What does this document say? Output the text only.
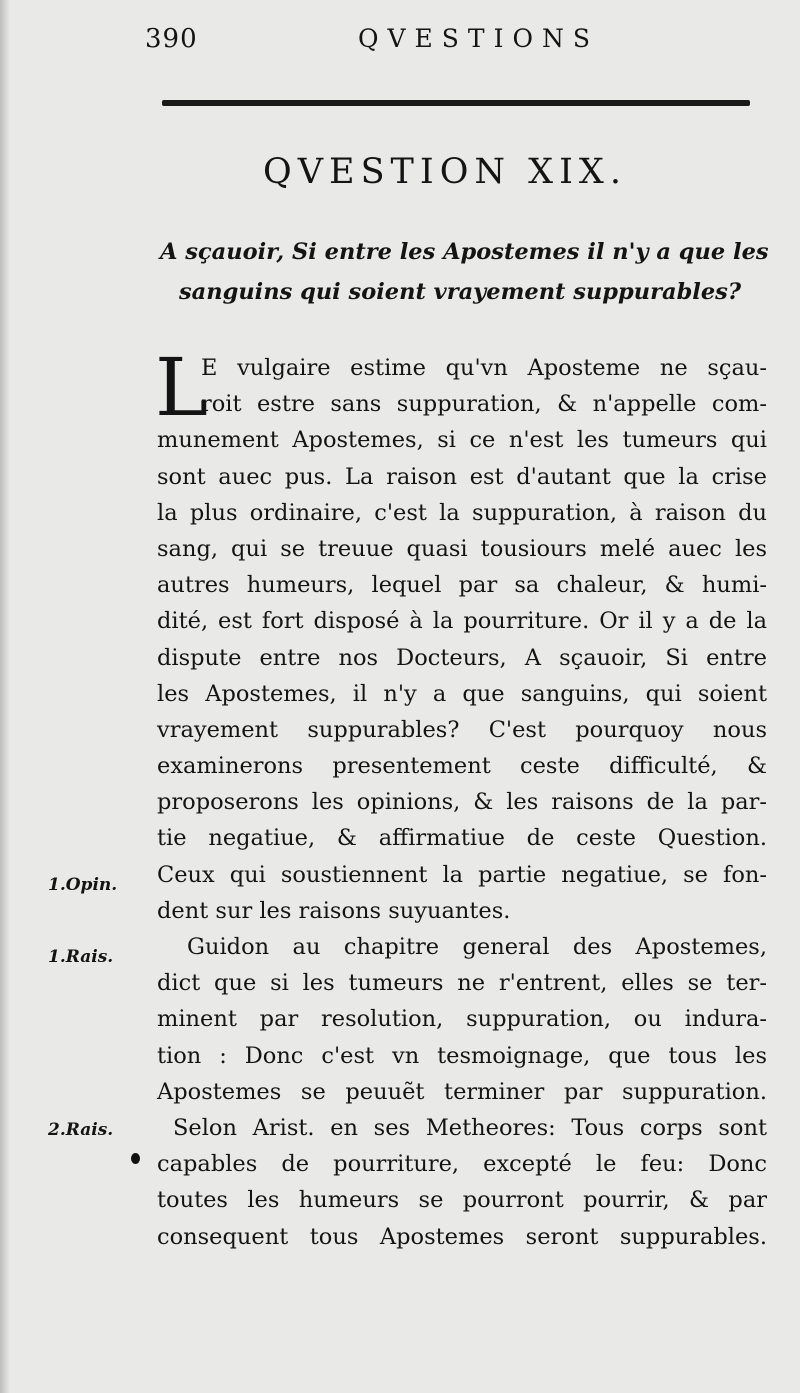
390	QVESTIONS
QVESTION XIX.
A sçauoir, Si entre les Apostemes il n'y a que les
sanguins qui soient vrayement suppurables?
L
E vulgaire estime qu'vn Aposteme ne sçau-
roit estre sans suppuration, & n'appelle com-
munement Apostemes, si ce n'est les tumeurs qui
sont auec pus. La raison est d'autant que la crise
la plus ordinaire, c'est la suppuration, à raison du
sang, qui se treuue quasi tousiours melé auec les
autres humeurs, lequel par sa chaleur, & humi-
dité, est fort disposé à la pourriture. Or il y a de la
dispute entre nos Docteurs, A sçauoir, Si entre
les Apostemes, il n'y a que sanguins, qui soient
vrayement suppurables? C'est pourquoy nous
examinerons presentement ceste difficulté, &
proposerons les opinions, & les raisons de la par-
tie negatiue, & affirmatiue de ceste Question.
Ceux qui soustiennent la partie negatiue, se fon-
dent sur les raisons suyuantes.
Guidon au chapitre general des Apostemes,
dict que si les tumeurs ne r'entrent, elles se ter-
minent par resolution, suppuration, ou indura-
tion : Donc c'est vn tesmoignage, que tous les
Apostemes se peuuẽt terminer par suppuration.
Selon Arist. en ses Metheores: Tous corps sont
capables de pourriture, excepté le feu: Donc
toutes les humeurs se pourront pourrir, & par
consequent tous Apostemes seront suppurables.
1.Opin.
1.Rais.
2.Rais.
